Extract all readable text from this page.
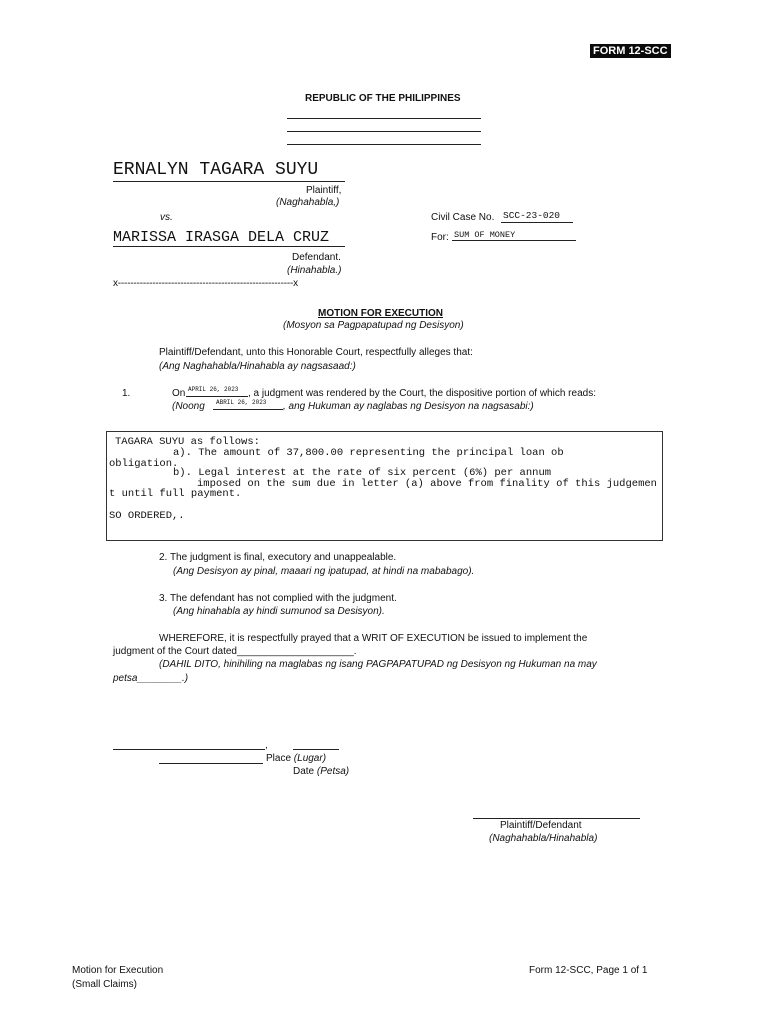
FORM 12-SCC
REPUBLIC OF THE PHILIPPINES
ERNALYN TAGARA SUYU
Plaintiff,
(Naghahabla,)
vs.	Civil Case No. SCC-23-020
For: SUM OF MONEY
MARISSA IRASGA DELA CRUZ
Defendant.
(Hinahabla.)
x--------------------------------------------------------x
MOTION FOR EXECUTION
(Mosyon sa Pagpapatupad ng Desisyon)
Plaintiff/Defendant, unto this Honorable Court, respectfully alleges that:
(Ang Naghahabla/Hinahabla ay nagsasaad:)
1.	On APRIL 26, 2023 , a judgment was rendered by the Court, the dispositive portion of which reads:
(Noong ABRIL 26, 2023 , ang Hukuman ay naglabas ng Desisyon na nagsasabi:)
TAGARA SUYU as follows:
a). The amount of 37,800.00 representing the principal loan ob
obligation.
b). Legal interest at the rate of six percent (6%) per annum
imposed on the sum due in letter (a) above from finality of this judgemen
t until full payment.
SO ORDERED,.
2. The judgment is final, executory and unappealable.
(Ang Desisyon ay pinal, maaari ng ipatupad, at hindi na mababago).
3. The defendant has not complied with the judgment.
(Ang hinahabla ay hindi sumunod sa Desisyon).
WHEREFORE, it is respectfully prayed that a WRIT OF EXECUTION be issued to implement the
judgment of the Court dated_____________________.
(DAHIL DITO, hinihiling na maglabas ng isang PAGPAPATUPAD ng Desisyon ng Hukuman na may
petsa________.)
,
Place (Lugar)
Date (Petsa)
Plaintiff/Defendant
(Naghahabla/Hinahabla)
Motion for Execution
(Small Claims)
Form 12-SCC, Page 1 of 1
